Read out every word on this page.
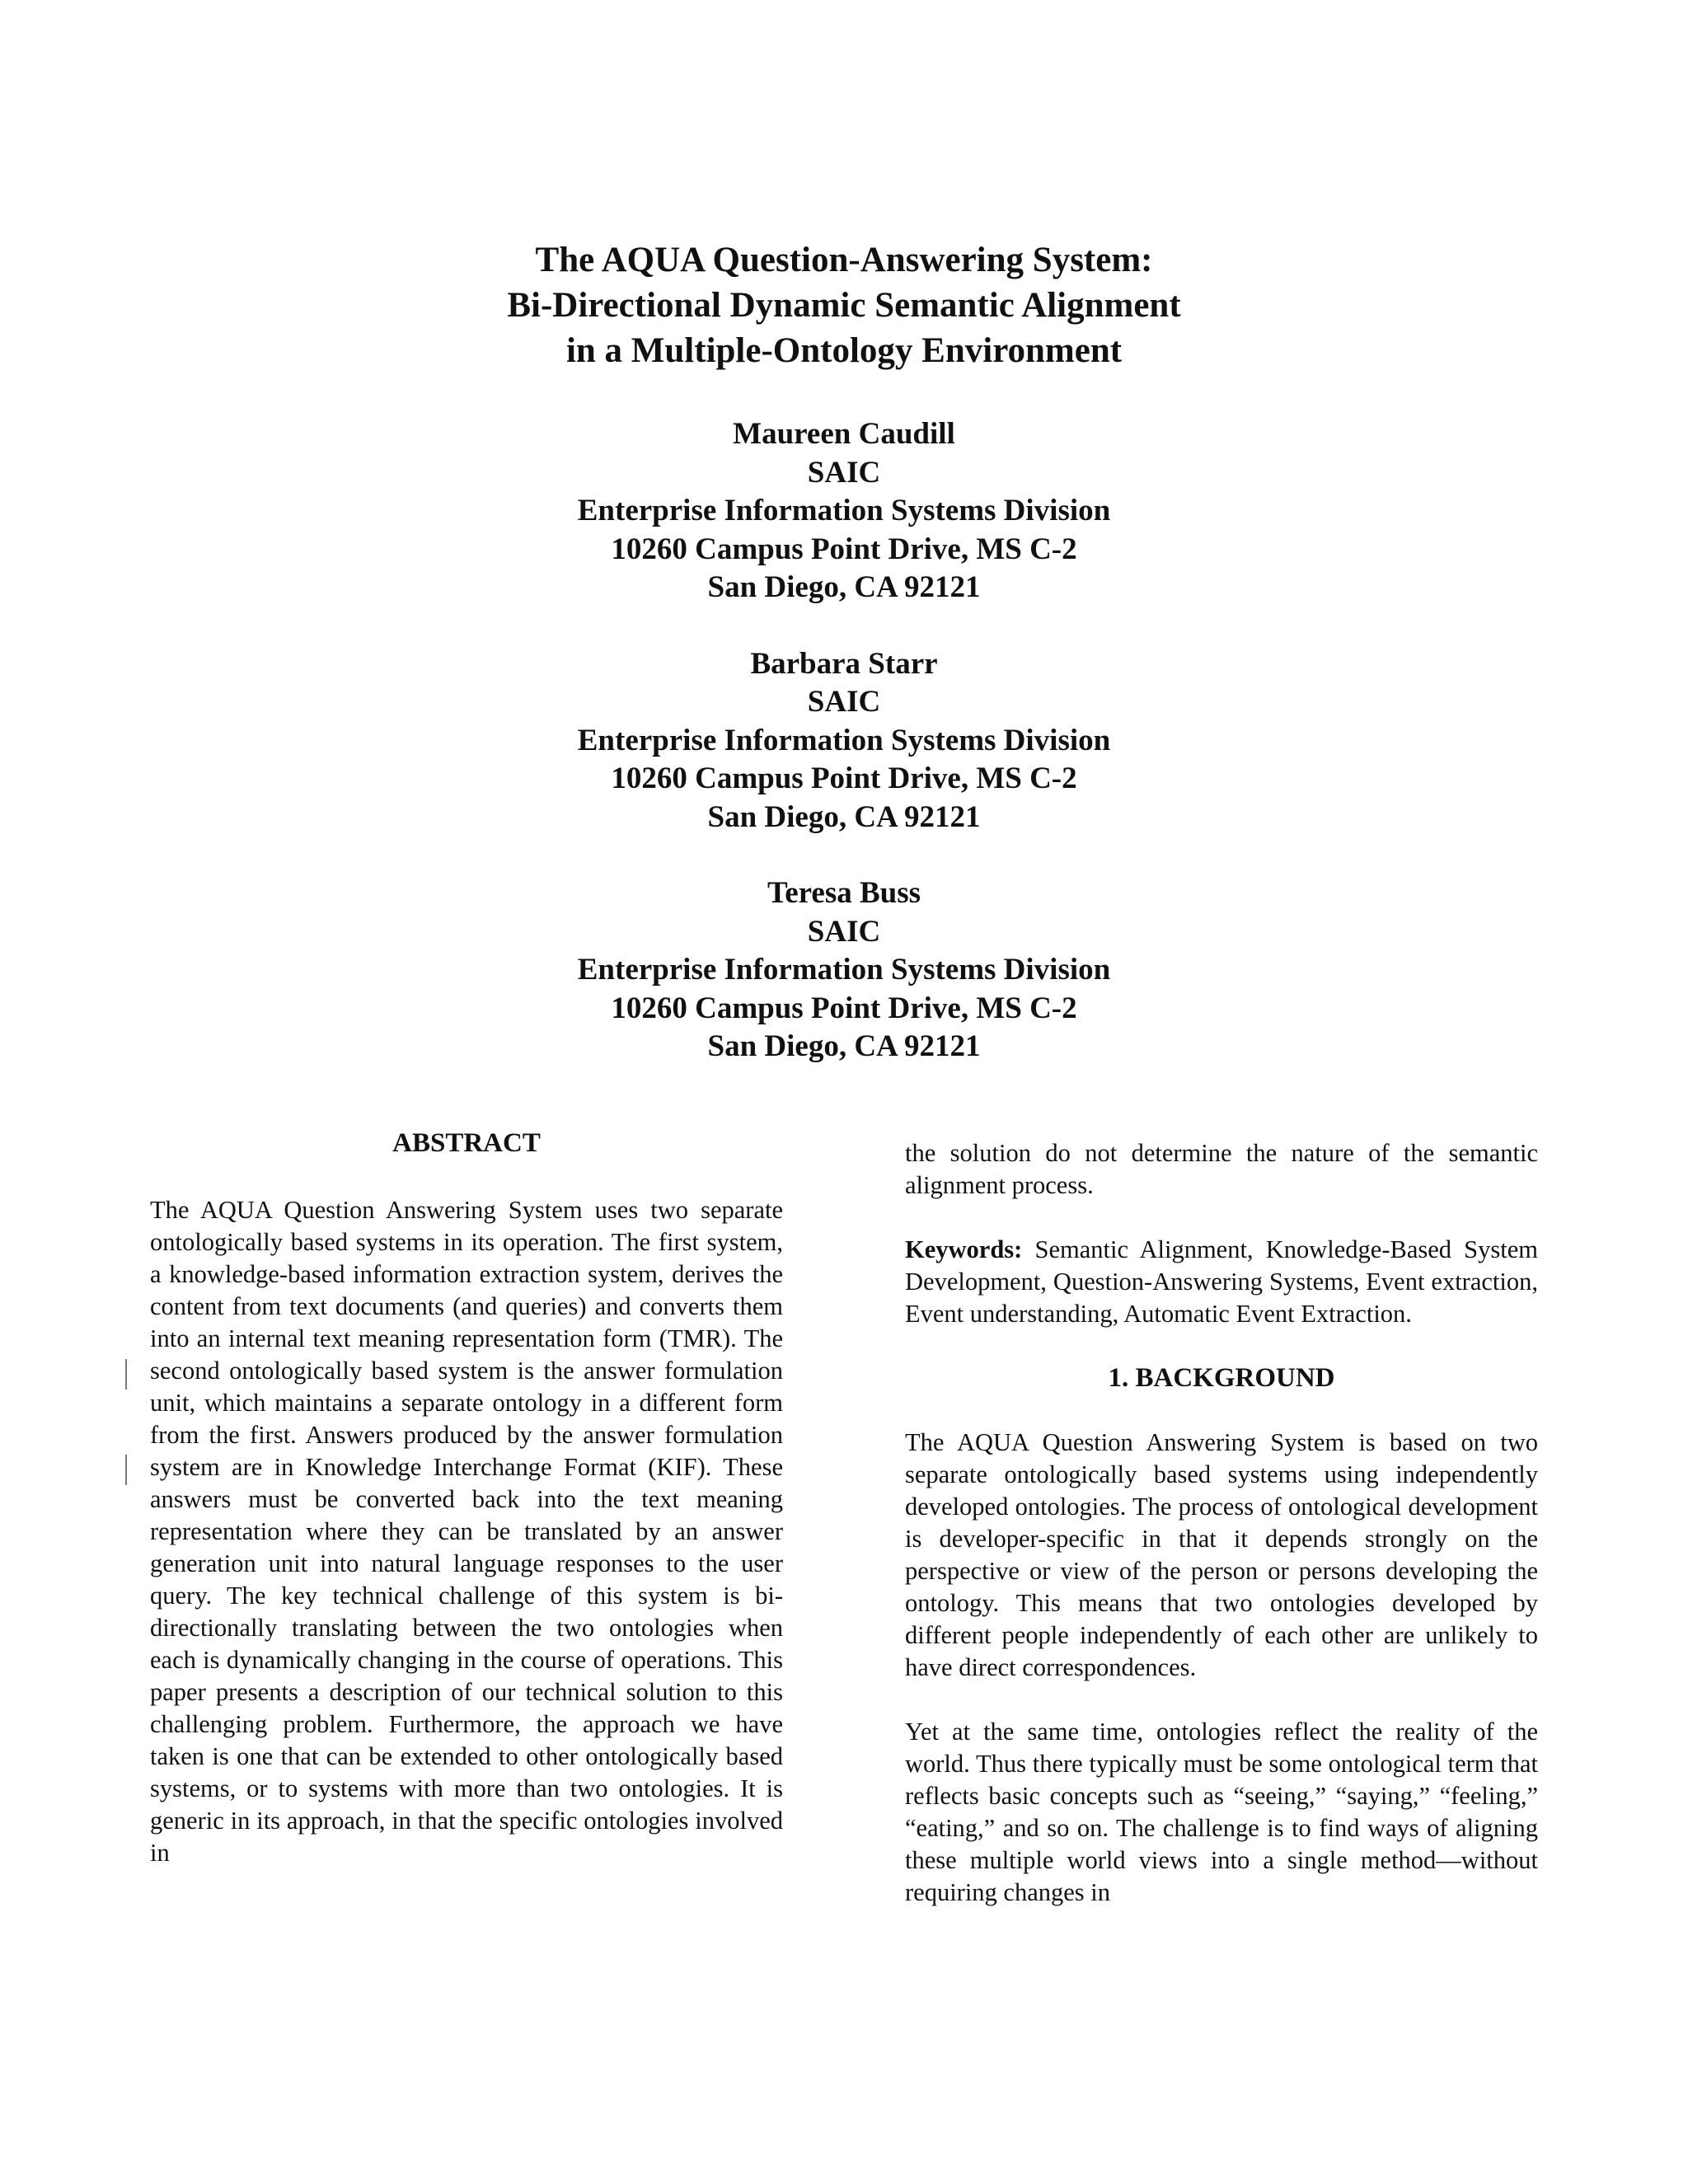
The AQUA Question-Answering System:
Bi-Directional Dynamic Semantic Alignment
in a Multiple-Ontology Environment
Maureen Caudill
SAIC
Enterprise Information Systems Division
10260 Campus Point Drive, MS C-2
San Diego, CA 92121
Barbara Starr
SAIC
Enterprise Information Systems Division
10260 Campus Point Drive, MS C-2
San Diego, CA 92121
Teresa Buss
SAIC
Enterprise Information Systems Division
10260 Campus Point Drive, MS C-2
San Diego, CA 92121
ABSTRACT

The AQUA Question Answering System uses two separate ontologically based systems in its operation. The first system, a knowledge-based information extraction system, derives the content from text documents (and queries) and converts them into an internal text meaning representation form (TMR). The second ontologically based system is the answer formulation unit, which maintains a separate ontology in a different form from the first. Answers produced by the answer formulation system are in Knowledge Interchange Format (KIF). These answers must be converted back into the text meaning representation where they can be translated by an answer generation unit into natural language responses to the user query. The key technical challenge of this system is bi-directionally translating between the two ontologies when each is dynamically changing in the course of operations. This paper presents a description of our technical solution to this challenging problem. Furthermore, the approach we have taken is one that can be extended to other ontologically based systems, or to systems with more than two ontologies. It is generic in its approach, in that the specific ontologies involved in

the solution do not determine the nature of the semantic alignment process.

Keywords: Semantic Alignment, Knowledge-Based System Development, Question-Answering Systems, Event extraction, Event understanding, Automatic Event Extraction.

1. BACKGROUND

The AQUA Question Answering System is based on two separate ontologically based systems using independently developed ontologies. The process of ontological development is developer-specific in that it depends strongly on the perspective or view of the person or persons developing the ontology. This means that two ontologies developed by different people independently of each other are unlikely to have direct correspondences.

Yet at the same time, ontologies reflect the reality of the world. Thus there typically must be some ontological term that reflects basic concepts such as “seeing,” “saying,” “feeling,” “eating,” and so on. The challenge is to find ways of aligning these multiple world views into a single method—without requiring changes in
